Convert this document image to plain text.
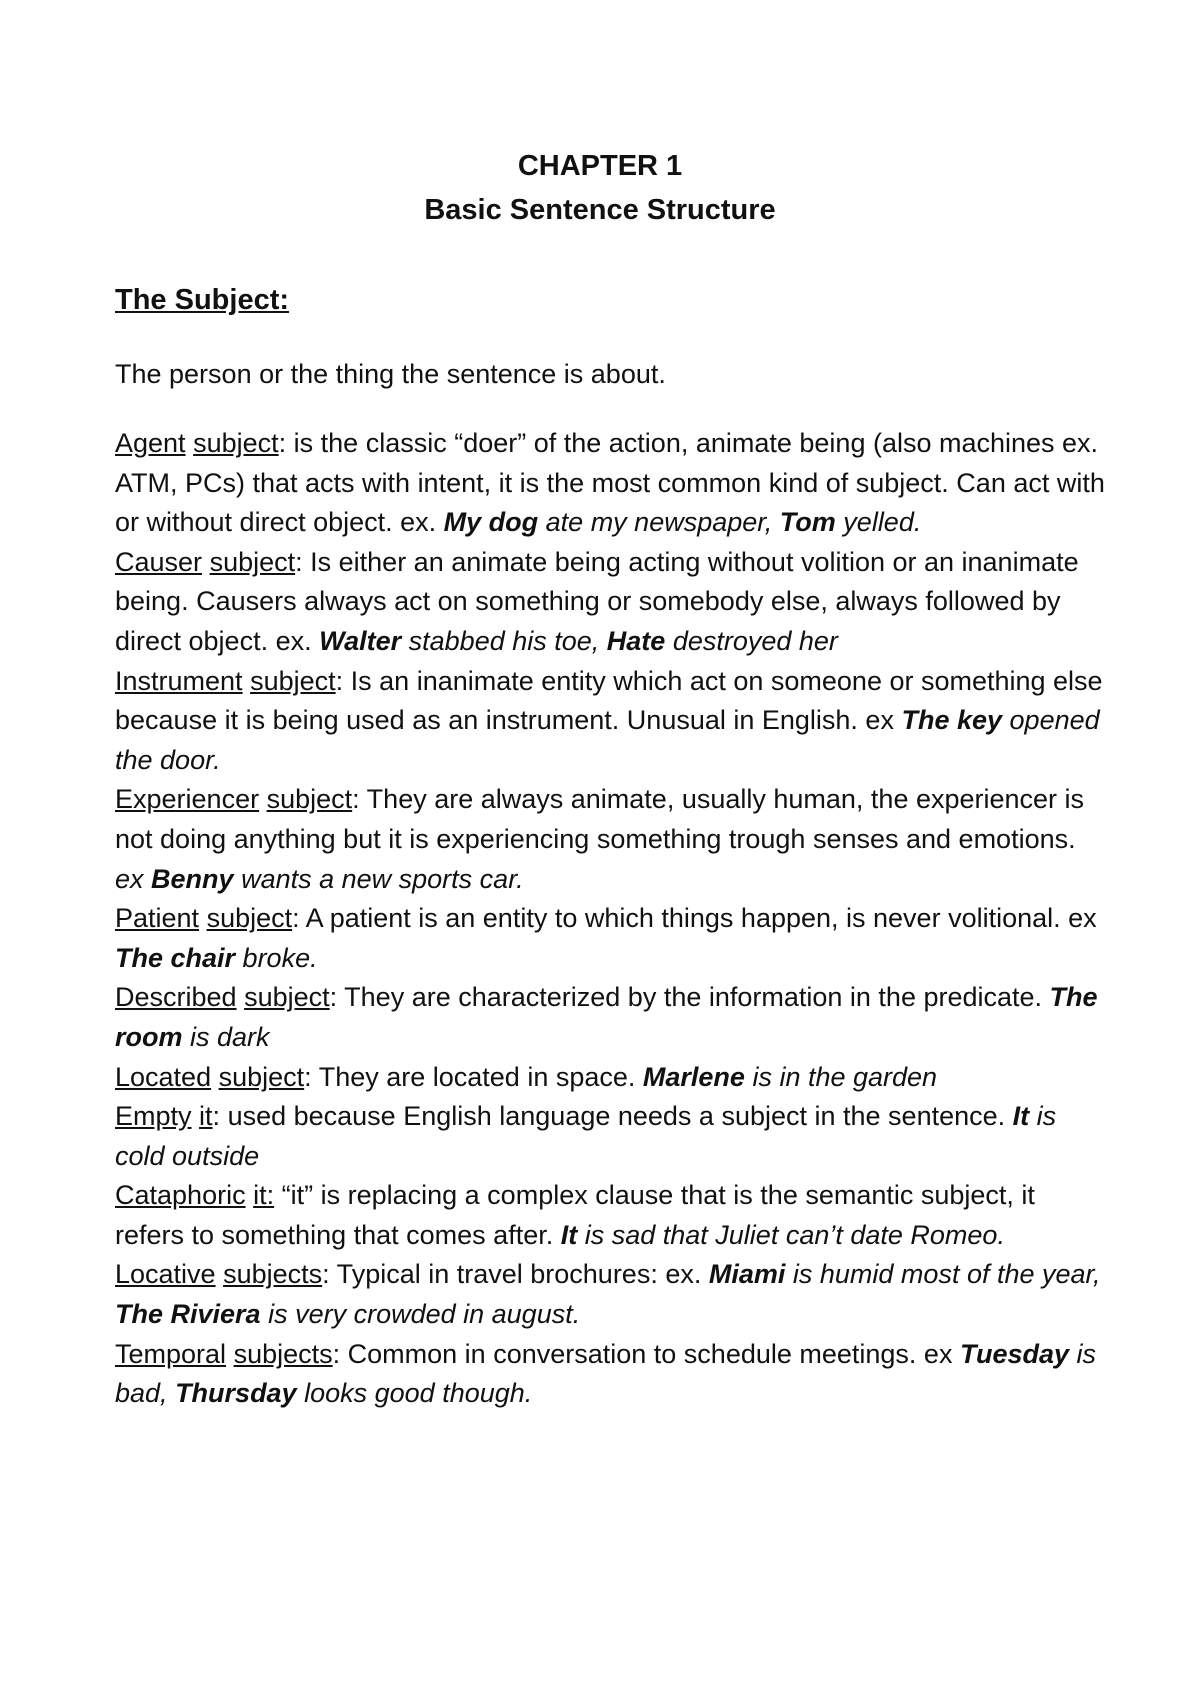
CHAPTER 1
Basic Sentence Structure
The Subject:
The person or the thing the sentence is about.

Agent subject: is the classic “doer” of the action, animate being (also machines ex. ATM, PCs) that acts with intent, it is the most common kind of subject. Can act with or without direct object. ex. My dog ate my newspaper, Tom yelled.

Causer subject: Is either an animate being acting without volition or an inanimate being. Causers always act on something or somebody else, always followed by direct object. ex. Walter stabbed his toe, Hate destroyed her

Instrument subject: Is an inanimate entity which act on someone or something else because it is being used as an instrument. Unusual in English. ex The key opened the door.

Experiencer subject: They are always animate, usually human, the experiencer is not doing anything but it is experiencing something trough senses and emotions. ex Benny wants a new sports car.

Patient subject: A patient is an entity to which things happen, is never volitional. ex The chair broke.

Described subject: They are characterized by the information in the predicate. The room is dark

Located subject: They are located in space. Marlene is in the garden

Empty it: used because English language needs a subject in the sentence. It is cold outside

Cataphoric it: “it” is replacing a complex clause that is the semantic subject, it refers to something that comes after. It is sad that Juliet can’t date Romeo.

Locative subjects: Typical in travel brochures: ex. Miami is humid most of the year, The Riviera is very crowded in august.

Temporal subjects: Common in conversation to schedule meetings. ex Tuesday is bad, Thursday looks good though.
